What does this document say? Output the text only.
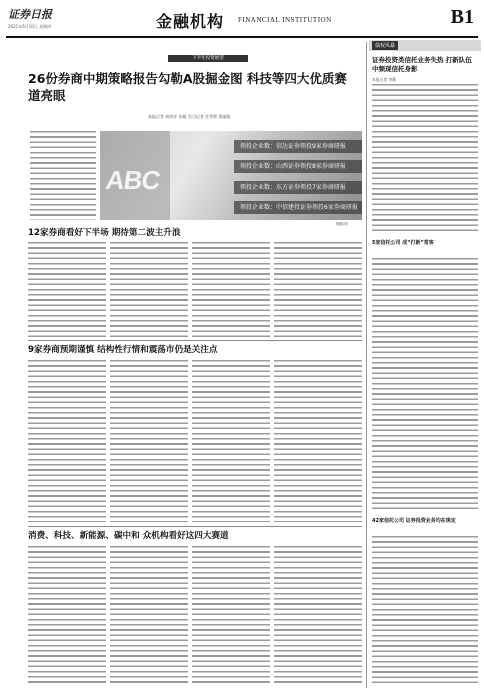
证券日报
2021年6月10日 星期四	金融机构 FINANCIAL INSTITUTION	B1
下半年投资展望
债权风暴
26份券商中期策略报告勾勒A股掘金图 科技等四大优质赛道亮眼
本报记者 周尚伃 张颖 见习记者 任世碧 贾丽聪
ABC
领投企业数：信达证券领投9家券商研报
领投企业数：山西证券领投8家券商研报
领投企业数：东方证券领投7家券商研报
领投企业数：中信建投证券领投6家券商研报
魏健/制
12家券商看好下半场 期待第二波主升浪
9家券商预期谨慎 结构性行情和震荡市仍是关注点
消费、科技、新能源、碳中和 众机构看好这四大赛道
证券投资类信托业务失热 打新队伍中频现信托身影
本报记者 李颖
5家信托公司 成“打新”常客
42家信托公司 证券投资业务均在规定
